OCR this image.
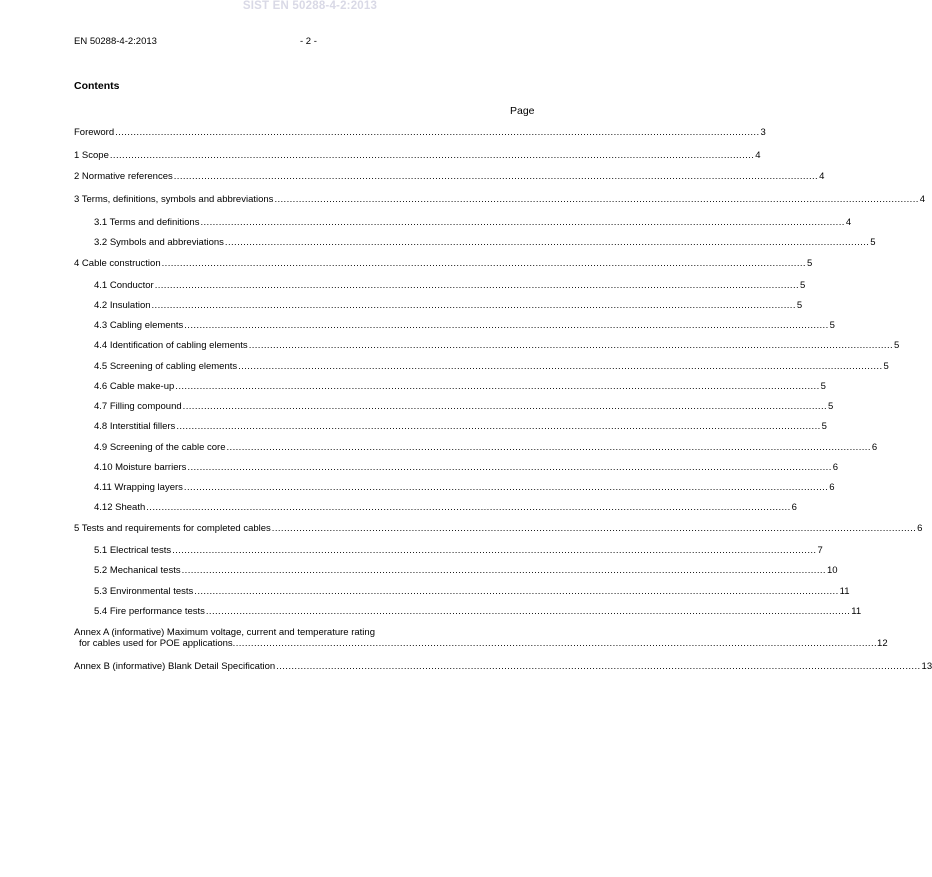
SIST EN 50288-4-2:2013
EN 50288-4-2:2013	- 2 -
Contents
Page
Foreword .................................................................................................................................................................................................................... 3
1 Scope .................................................................................................................................................................................................................... 4
2 Normative references .................................................................................................................................................................................................................... 4
3 Terms, definitions, symbols and abbreviations .................................................................................................................................................................................................................... 4
3.1 Terms and definitions .................................................................................................................................................................................................................... 4
3.2 Symbols and abbreviations .................................................................................................................................................................................................................... 5
4 Cable construction .................................................................................................................................................................................................................... 5
4.1 Conductor .................................................................................................................................................................................................................... 5
4.2 Insulation .................................................................................................................................................................................................................... 5
4.3 Cabling elements .................................................................................................................................................................................................................... 5
4.4 Identification of cabling elements .................................................................................................................................................................................................................... 5
4.5 Screening of cabling elements .................................................................................................................................................................................................................... 5
4.6 Cable make-up .................................................................................................................................................................................................................... 5
4.7 Filling compound .................................................................................................................................................................................................................... 5
4.8 Interstitial fillers .................................................................................................................................................................................................................... 5
4.9 Screening of the cable core .................................................................................................................................................................................................................... 6
4.10 Moisture barriers .................................................................................................................................................................................................................... 6
4.11 Wrapping layers .................................................................................................................................................................................................................... 6
4.12 Sheath .................................................................................................................................................................................................................... 6
5 Tests and requirements for completed cables .................................................................................................................................................................................................................... 6
5.1 Electrical tests .................................................................................................................................................................................................................... 7
5.2 Mechanical tests .................................................................................................................................................................................................................... 10
5.3 Environmental tests .................................................................................................................................................................................................................... 11
5.4 Fire performance tests .................................................................................................................................................................................................................... 11
Annex A (informative) Maximum voltage, current and temperature rating
for cables used for POE applications .................................................................................................................................................................................................................... 12
Annex B (informative) Blank Detail Specification .................................................................................................................................................................................................................... 13
